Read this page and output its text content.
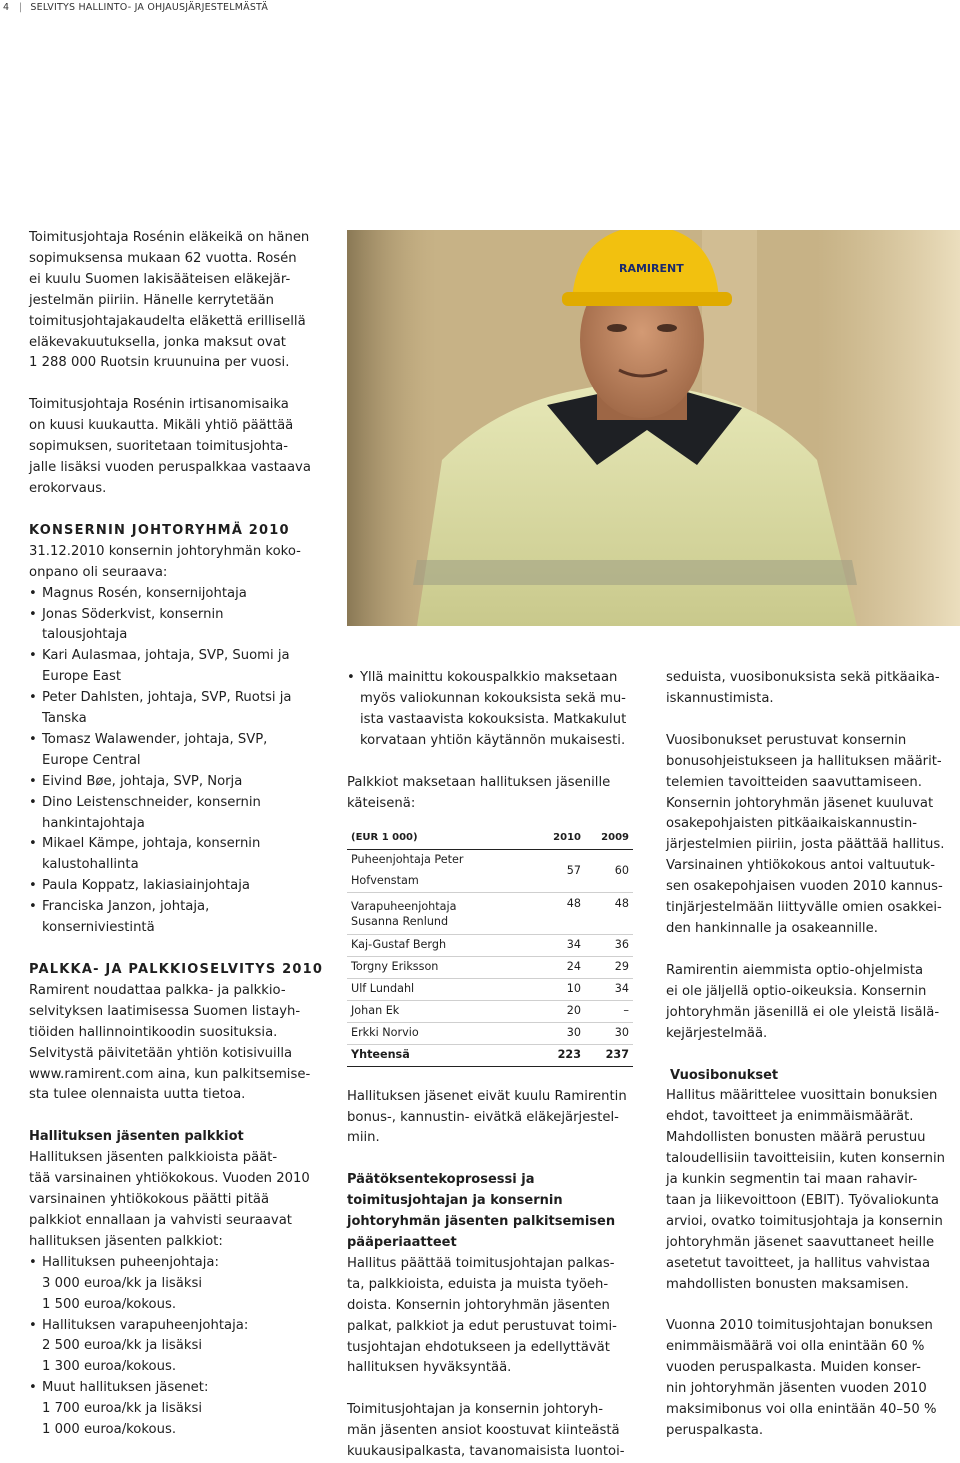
4	| SELVITYS HALLINTO- JA OHJAUSJÄRJESTELMÄSTÄ
RAMIRENT

Toimitusjohtaja Rosénin eläkeikä on hänen
sopimuksensa mukaan 62 vuotta. Rosén
ei kuulu Suomen lakisääteisen eläkejär-
jestelmän piiriin. Hänelle kerrytetään
toimitusjohtajakaudelta eläkettä erillisellä
eläkevakuutuksella, jonka maksut ovat
1 288 000 Ruotsin kruunuina per vuosi.

Toimitusjohtaja Rosénin irtisanomisaika
on kuusi kuukautta. Mikäli yhtiö päättää
sopimuksen, suoritetaan toimitusjohta-
jalle lisäksi vuoden peruspalkkaa vastaava
erokorvaus.

KONSERNIN JOHTORYHMÄ 2010

31.12.2010 konsernin johtoryhmän koko-
onpano oli seuraava:

• Magnus Rosén, konsernijohtaja
• Jonas Söderkvist, konsernin
talousjohtaja
• Kari Aulasmaa, johtaja, SVP, Suomi ja
Europe East
• Peter Dahlsten, johtaja, SVP, Ruotsi ja
Tanska
• Tomasz Walawender, johtaja, SVP,
Europe Central
• Eivind Bøe, johtaja, SVP, Norja
• Dino Leistenschneider, konsernin
hankintajohtaja
• Mikael Kämpe, johtaja, konsernin
kalustohallinta
• Paula Koppatz, lakiasiainjohtaja
• Franciska Janzon, johtaja,
konserniviestintä

PALKKA- JA PALKKIOSELVITYS 2010

Ramirent noudattaa palkka- ja palkkio-
selvityksen laatimisessa Suomen listayh-
tiöiden hallinnointikoodin suosituksia.
Selvitystä päivitetään yhtiön kotisivuilla
www.ramirent.com aina, kun palkitsemise-
sta tulee olennaista uutta tietoa.

Hallituksen jäsenten palkkiot

Hallituksen jäsenten palkkioista päät-
tää varsinainen yhtiökokous. Vuoden 2010
varsinainen yhtiökokous päätti pitää
palkkiot ennallaan ja vahvisti seuraavat
hallituksen jäsenten palkkiot:

• Hallituksen puheenjohtaja:
3 000 euroa/kk ja lisäksi
1 500 euroa/kokous.
• Hallituksen varapuheenjohtaja:
2 500 euroa/kk ja lisäksi
1 300 euroa/kokous.
• Muut hallituksen jäsenet:
1 700 euroa/kk ja lisäksi
1 000 euroa/kokous.
• Yllä mainittu kokouspalkkio maksetaan
myös valiokunnan kokouksista sekä mu-
ista vastaavista kokouksista. Matkakulut
korvataan yhtiön käytännön mukaisesti.

Palkkiot maksetaan hallituksen jäsenille
käteisenä:

(EUR 1 000)	2010	2009
Puheenjohtaja Peter Hofvenstam	57	60
Varapuheenjohtaja
Susanna Renlund	48	48
Kaj-Gustaf Bergh	34	36
Torgny Eriksson	24	29
Ulf Lundahl	10	34
Johan Ek	20	–
Erkki Norvio	30	30
Yhteensä	223	237

Hallituksen jäsenet eivät kuulu Ramirentin
bonus-, kannustin- eivätkä eläkejärjestel-
miin.

Päätöksentekoprosessi ja
toimitusjohtajan ja konsernin
johtoryhmän jäsenten palkitsemisen
pääperiaatteet

Hallitus päättää toimitusjohtajan palkas-
ta, palkkioista, eduista ja muista työeh-
doista. Konsernin johtoryhmän jäsenten
palkat, palkkiot ja edut perustuvat toimi-
tusjohtajan ehdotukseen ja edellyttävät
hallituksen hyväksyntää.

Toimitusjohtajan ja konsernin johtoryh-
män jäsenten ansiot koostuvat kiinteästä
kuukausipalkasta, tavanomaisista luontoi-

seduista, vuosibonuksista sekä pitkäaika-
iskannustimista.

Vuosibonukset perustuvat konsernin
bonusohjeistukseen ja hallituksen määrit-
telemien tavoitteiden saavuttamiseen.
Konsernin johtoryhmän jäsenet kuuluvat
osakepohjaisten pitkäaikaiskannustin-
järjestelmien piiriin, josta päättää hallitus.
Varsinainen yhtiökokous antoi valtuutuk-
sen osakepohjaisen vuoden 2010 kannus-
tinjärjestelmään liittyvälle omien osakkei-
den hankinnalle ja osakeannille.

Ramirentin aiemmista optio-ohjelmista
ei ole jäljellä optio-oikeuksia. Konsernin
johtoryhmän jäsenillä ei ole yleistä lisälä-
kejärjestelmää.

Vuosibonukset

Hallitus määrittelee vuosittain bonuksien
ehdot, tavoitteet ja enimmäismäärät.
Mahdollisten bonusten määrä perustuu
taloudellisiin tavoitteisiin, kuten konsernin
ja kunkin segmentin tai maan rahavir-
taan ja liikevoittoon (EBIT). Työvaliokunta
arvioi, ovatko toimitusjohtaja ja konsernin
johtoryhmän jäsenet saavuttaneet heille
asetetut tavoitteet, ja hallitus vahvistaa
mahdollisten bonusten maksamisen.

Vuonna 2010 toimitusjohtajan bonuksen
enimmäismäärä voi olla enintään 60 %
vuoden peruspalkasta. Muiden konser-
nin johtoryhmän jäsenten vuoden 2010
maksimibonus voi olla enintään 40–50 %
peruspalkasta.
